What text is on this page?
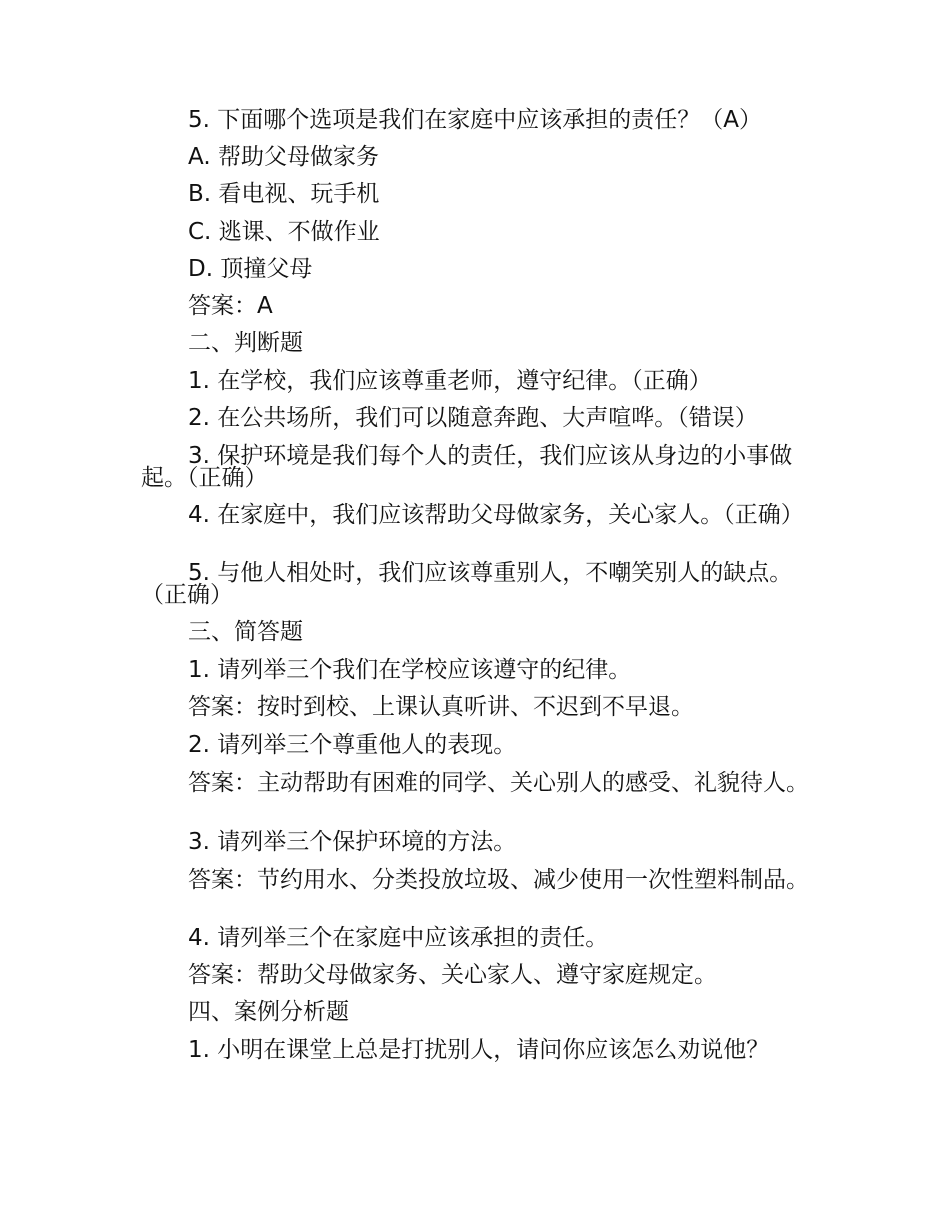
5. 下面哪个选项是我们在家庭中应该承担的责任？（A）
A. 帮助父母做家务
B. 看电视、玩手机
C. 逃课、不做作业
D. 顶撞父母
答案：A
二、判断题
1. 在学校，我们应该尊重老师，遵守纪律。（正确）
2. 在公共场所，我们可以随意奔跑、大声喧哗。（错误）
3. 保护环境是我们每个人的责任，我们应该从身边的小事做起。（正确）
4. 在家庭中，我们应该帮助父母做家务，关心家人。（正确）
5. 与他人相处时，我们应该尊重别人，不嘲笑别人的缺点。（正确）
三、简答题
1. 请列举三个我们在学校应该遵守的纪律。
答案：按时到校、上课认真听讲、不迟到不早退。
2. 请列举三个尊重他人的表现。
答案：主动帮助有困难的同学、关心别人的感受、礼貌待人。
3. 请列举三个保护环境的方法。
答案：节约用水、分类投放垃圾、减少使用一次性塑料制品。
4. 请列举三个在家庭中应该承担的责任。
答案：帮助父母做家务、关心家人、遵守家庭规定。
四、案例分析题
1. 小明在课堂上总是打扰别人，请问你应该怎么劝说他？
